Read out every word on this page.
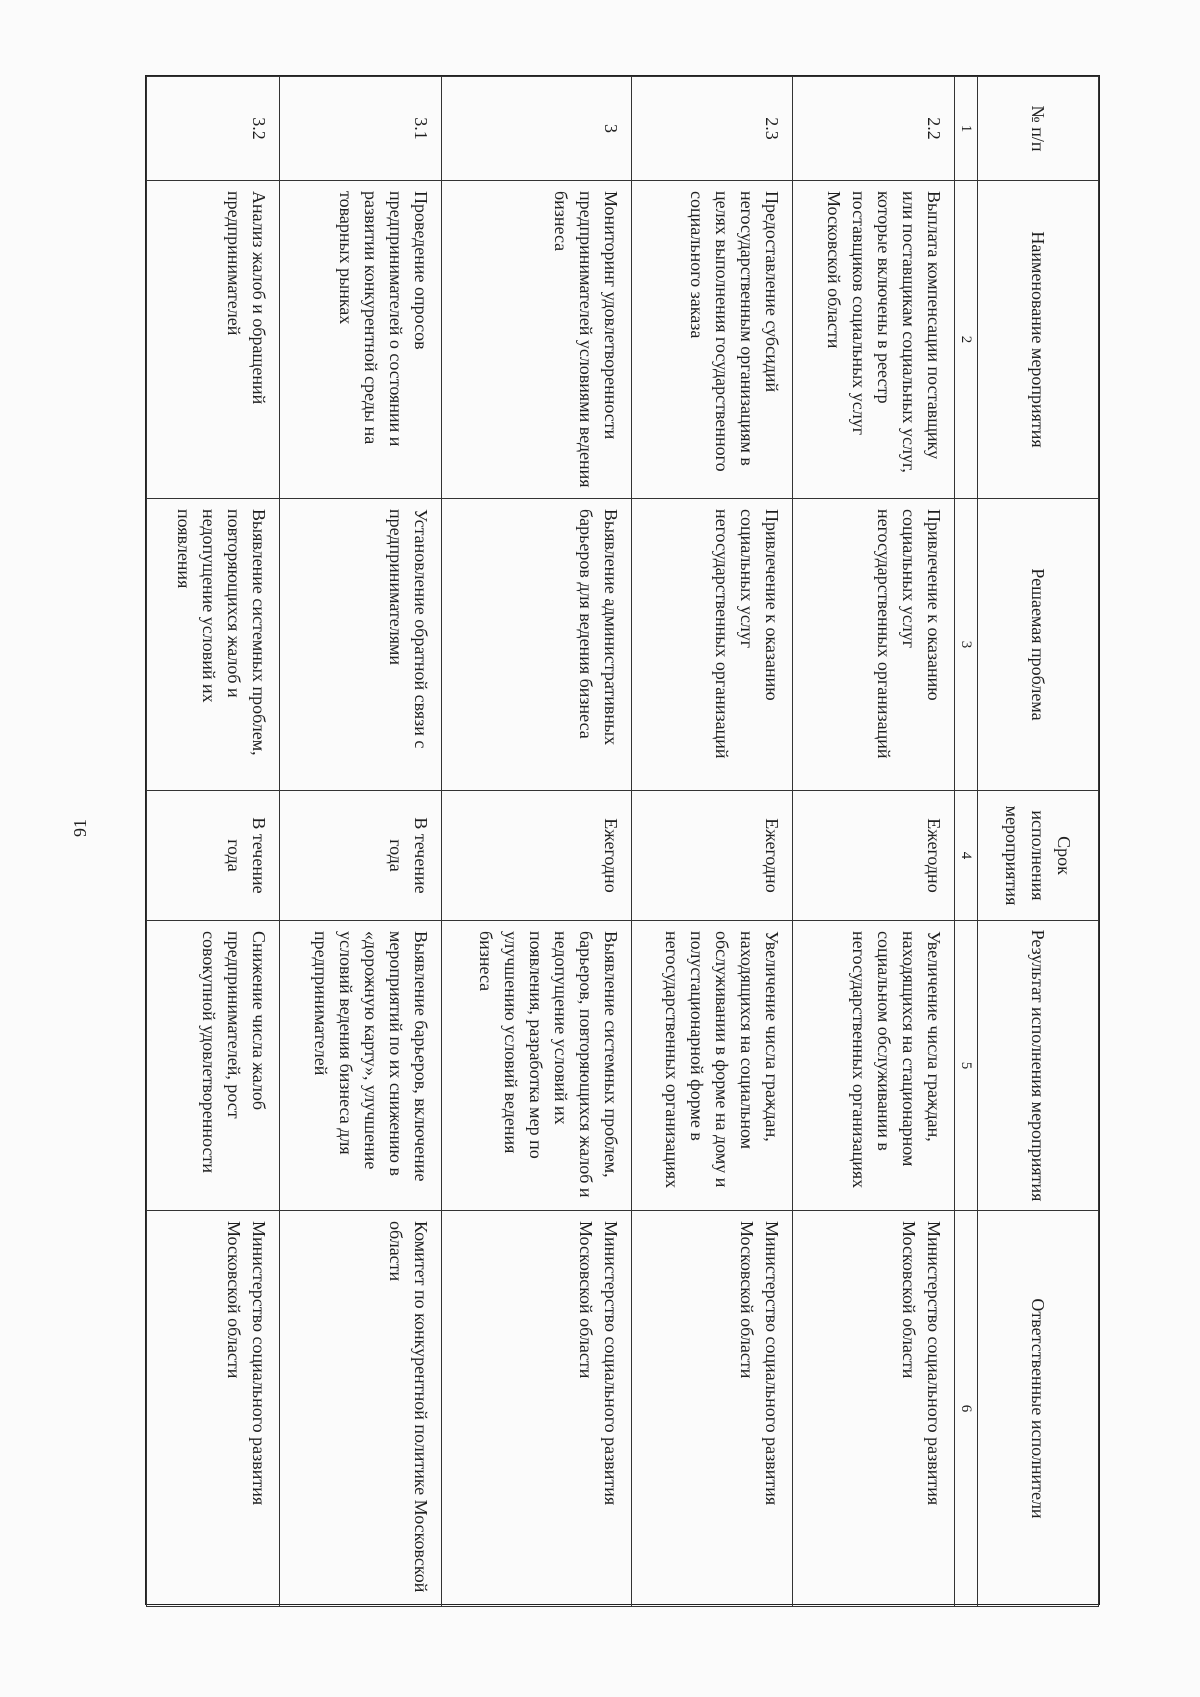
91
№ п/п	Наименование мероприятия	Решаемая проблема	Срок исполнения мероприятия	Результат исполнения мероприятия	Ответственные исполнители
1	2	3	4	5	6
2.2	Выплата компенсации поставщику или поставщикам социальных услуг, которые включены в реестр поставщиков социальных услуг Московской области	Привлечение к оказанию социальных услуг негосударственных организаций	Ежегодно	Увеличение числа граждан, находящихся на стационарном социальном обслуживании в негосударственных организациях	Министерство социального развития Московской области
2.3	Предоставление субсидий негосударственным организациям в целях выполнения государственного социального заказа	Привлечение к оказанию социальных услуг негосударственных организаций	Ежегодно	Увеличение числа граждан, находящихся на социальном обслуживании в форме на дому и полустационарной форме в негосударственных организациях	Министерство социального развития Московской области
3	Мониторинг удовлетворенности предпринимателей условиями ведения бизнеса	Выявление административных барьеров для ведения бизнеса	Ежегодно	Выявление системных проблем, барьеров, повторяющихся жалоб и недопущение условий их появления, разработка мер по улучшению условий ведения бизнеса	Министерство социального развития Московской области
3.1	Проведение опросов предпринимателей о состоянии и развитии конкурентной среды на товарных рынках	Установление обратной связи с предпринимателями	В течение года	Выявление барьеров, включение мероприятий по их снижению в «дорожную карту», улучшение условий ведения бизнеса для предпринимателей	Комитет по конкурентной политике Московской области
3.2	Анализ жалоб и обращений предпринимателей	Выявление системных проблем, повторяющихся жалоб и недопущение условий их появления	В течение года	Снижение числа жалоб предпринимателей, рост совокупной удовлетворенности	Министерство социального развития Московской области
